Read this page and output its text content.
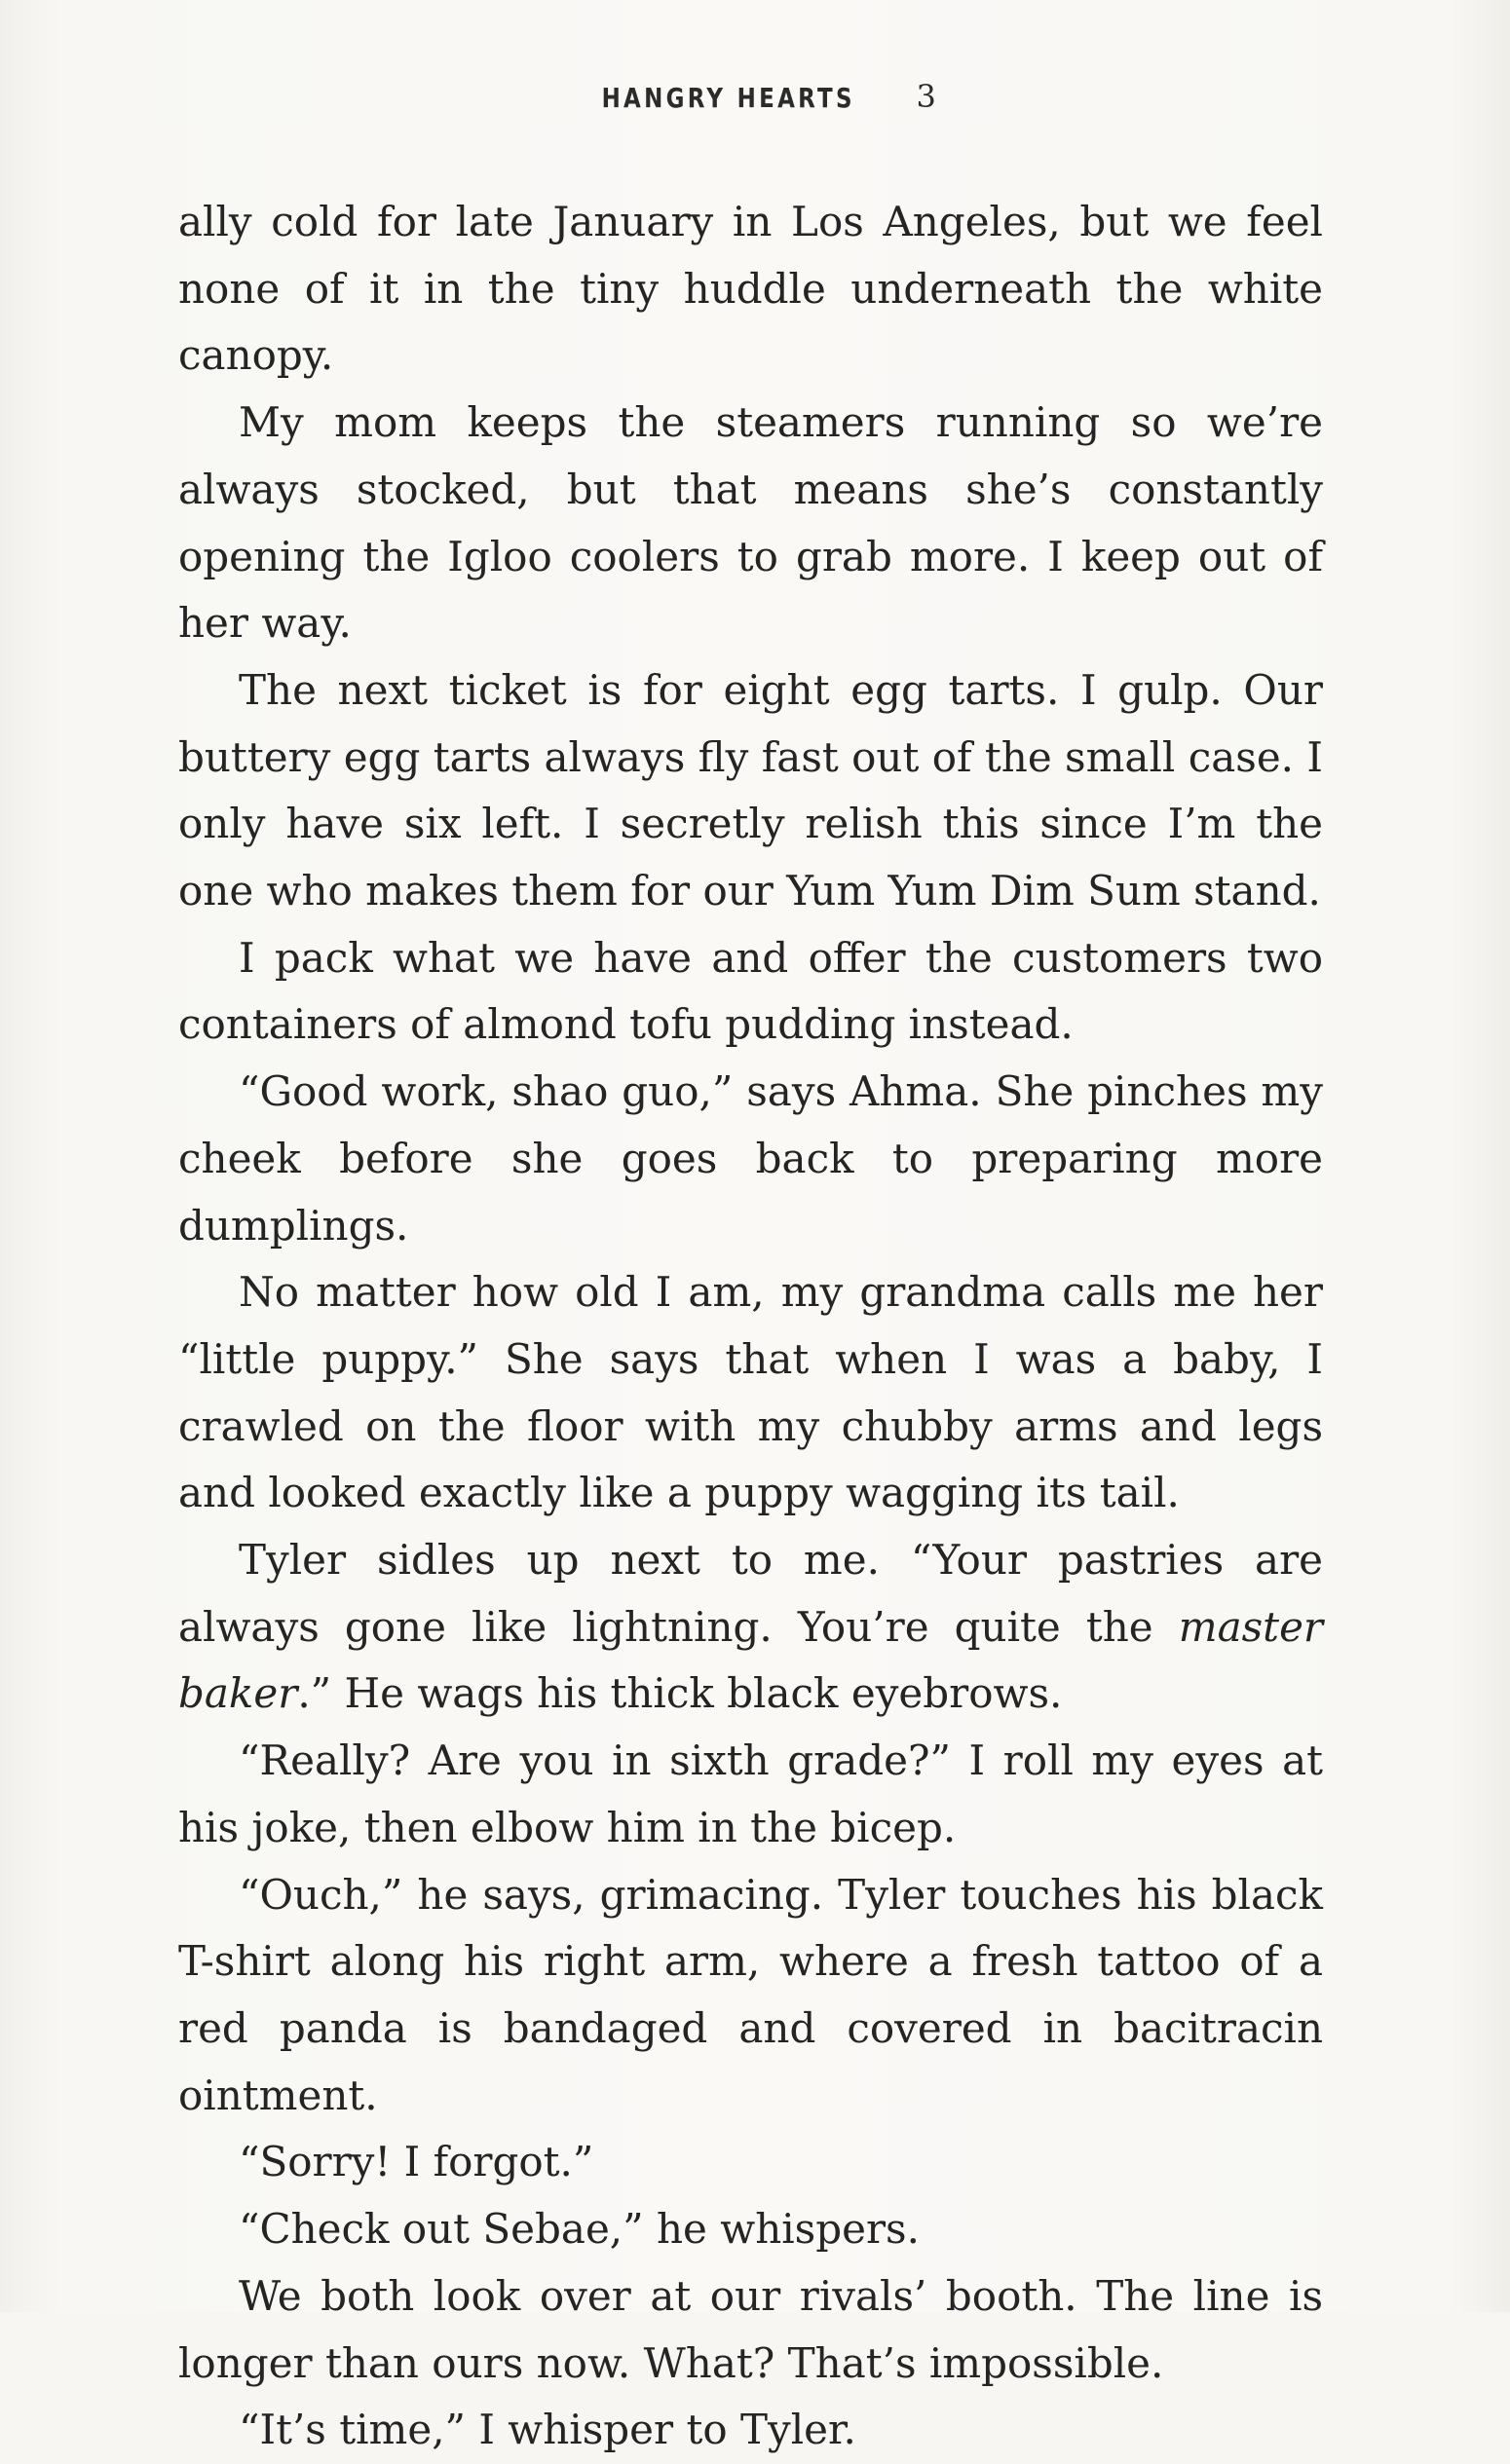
HANGRY HEARTS 3

ally cold for late January in Los Angeles, but we feel none of it in the tiny huddle underneath the white canopy.

My mom keeps the steamers running so we’re always stocked, but that means she’s constantly opening the Igloo coolers to grab more. I keep out of her way.

The next ticket is for eight egg tarts. I gulp. Our buttery egg tarts always fly fast out of the small case. I only have six left. I secretly relish this since I’m the one who makes them for our Yum Yum Dim Sum stand.

I pack what we have and offer the customers two containers of almond tofu pudding instead.

“Good work, shao guo,” says Ahma. She pinches my cheek before she goes back to preparing more dumplings.

No matter how old I am, my grandma calls me her “little puppy.” She says that when I was a baby, I crawled on the floor with my chubby arms and legs and looked exactly like a puppy wagging its tail.

Tyler sidles up next to me. “Your pastries are always gone like lightning. You’re quite the master baker.” He wags his thick black eyebrows.

“Really? Are you in sixth grade?” I roll my eyes at his joke, then elbow him in the bicep.

“Ouch,” he says, grimacing. Tyler touches his black T-shirt along his right arm, where a fresh tattoo of a red panda is bandaged and covered in bacitracin ointment.

“Sorry! I forgot.”

“Check out Sebae,” he whispers.

We both look over at our rivals’ booth. The line is longer than ours now. What? That’s impossible.

“It’s time,” I whisper to Tyler.
